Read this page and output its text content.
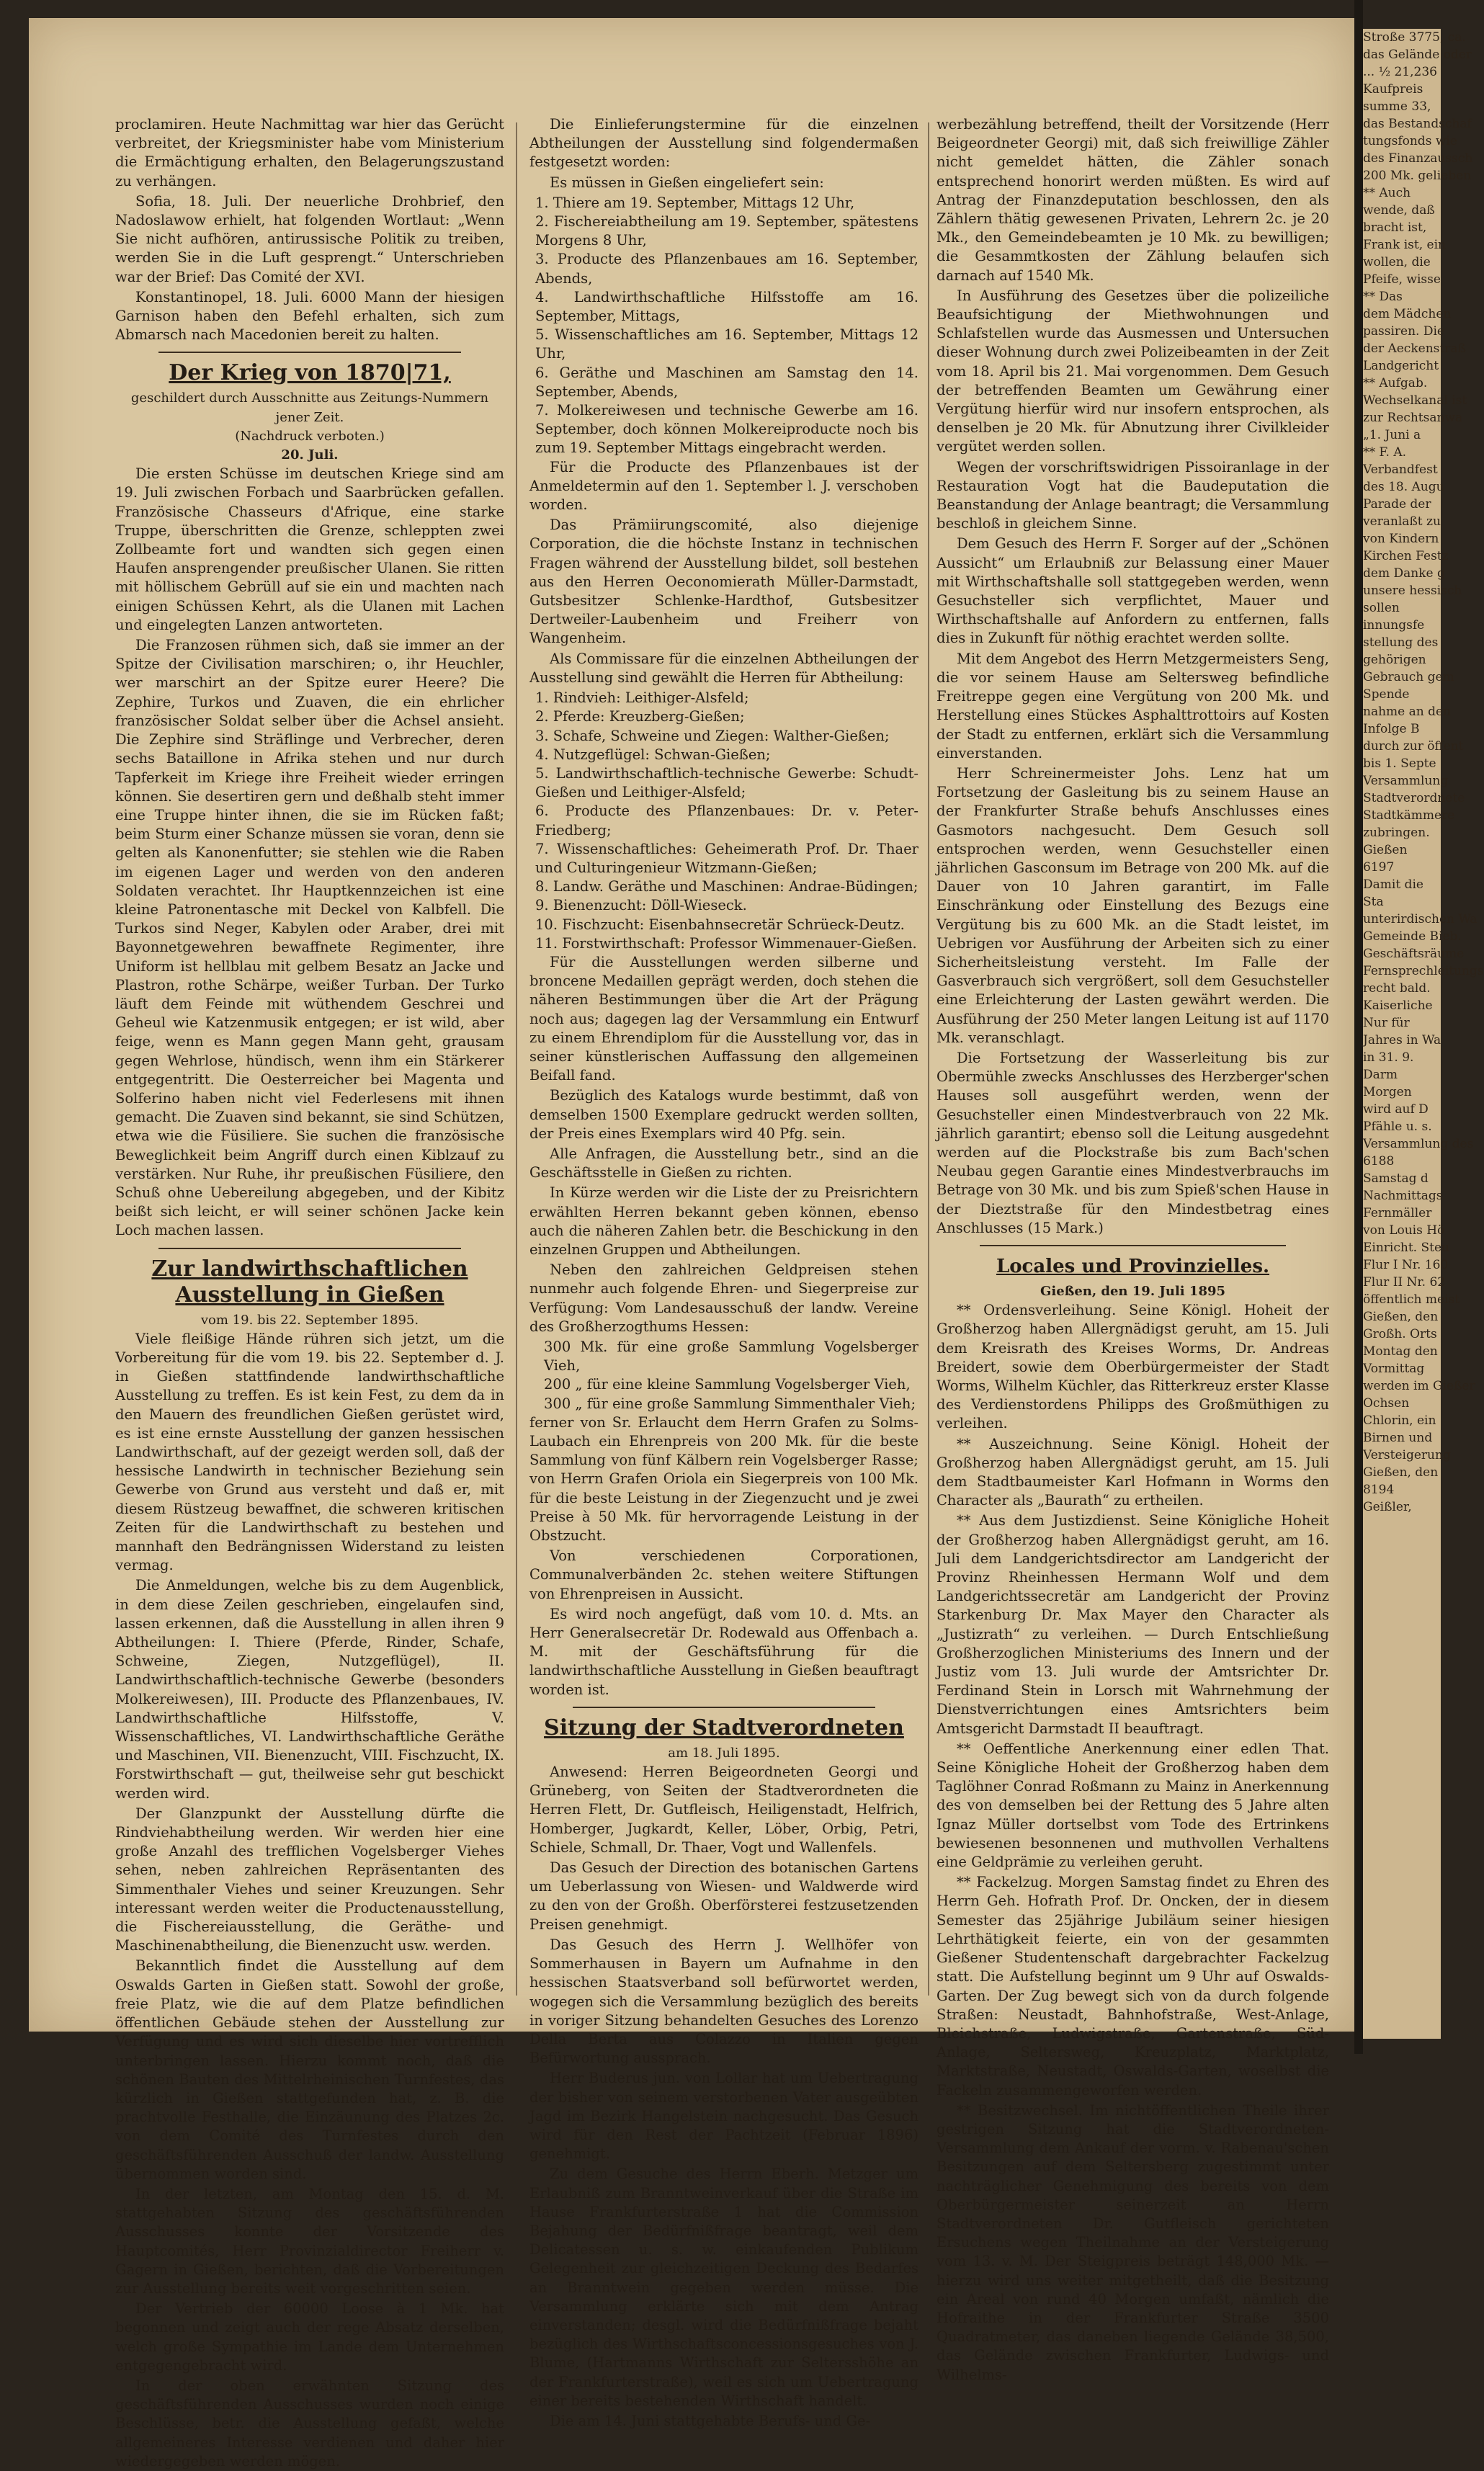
proclamiren. Heute Nachmittag war hier das Gerücht verbreitet, der Kriegsminister habe vom Ministerium die Ermächtigung erhalten, den Belagerungszustand zu verhängen.

Sofia, 18. Juli. Der neuerliche Drohbrief, den Nadoslawow erhielt, hat folgenden Wortlaut: „Wenn Sie nicht aufhören, antirussische Politik zu treiben, werden Sie in die Luft gesprengt.“ Unterschrieben war der Brief: Das Comité der XVI.

Konstantinopel, 18. Juli. 6000 Mann der hiesigen Garnison haben den Befehl erhalten, sich zum Abmarsch nach Macedonien bereit zu halten.

Der Krieg von 1870|71,

geschildert durch Ausschnitte aus Zeitungs-Nummern jener Zeit.

(Nachdruck verboten.)

20. Juli.

Die ersten Schüsse im deutschen Kriege sind am 19. Juli zwischen Forbach und Saarbrücken gefallen. Französische Chasseurs d'Afrique, eine starke Truppe, überschritten die Grenze, schleppten zwei Zollbeamte fort und wandten sich gegen einen Haufen ansprengender preußischer Ulanen. Sie ritten mit höllischem Gebrüll auf sie ein und machten nach einigen Schüssen Kehrt, als die Ulanen mit Lachen und eingelegten Lanzen antworteten.

Die Franzosen rühmen sich, daß sie immer an der Spitze der Civilisation marschiren; o, ihr Heuchler, wer marschirt an der Spitze eurer Heere? Die Zephire, Turkos und Zuaven, die ein ehrlicher französischer Soldat selber über die Achsel ansieht. Die Zephire sind Sträflinge und Verbrecher, deren sechs Bataillone in Afrika stehen und nur durch Tapferkeit im Kriege ihre Freiheit wieder erringen können. Sie desertiren gern und deßhalb steht immer eine Truppe hinter ihnen, die sie im Rücken faßt; beim Sturm einer Schanze müssen sie voran, denn sie gelten als Kanonenfutter; sie stehlen wie die Raben im eigenen Lager und werden von den anderen Soldaten verachtet. Ihr Hauptkennzeichen ist eine kleine Patronentasche mit Deckel von Kalbfell. Die Turkos sind Neger, Kabylen oder Araber, drei mit Bayonnetgewehren bewaffnete Regimenter, ihre Uniform ist hellblau mit gelbem Besatz an Jacke und Plastron, rothe Schärpe, weißer Turban. Der Turko läuft dem Feinde mit wüthendem Geschrei und Geheul wie Katzenmusik entgegen; er ist wild, aber feige, wenn es Mann gegen Mann geht, grausam gegen Wehrlose, hündisch, wenn ihm ein Stärkerer entgegentritt. Die Oesterreicher bei Magenta und Solferino haben nicht viel Federlesens mit ihnen gemacht. Die Zuaven sind bekannt, sie sind Schützen, etwa wie die Füsiliere. Sie suchen die französische Beweglichkeit beim Angriff durch einen Kiblzauf zu verstärken. Nur Ruhe, ihr preußischen Füsiliere, den Schuß ohne Uebereilung abgegeben, und der Kibitz beißt sich leicht, er will seiner schönen Jacke kein Loch machen lassen.

Zur landwirthschaftlichen Ausstellung in Gießen

vom 19. bis 22. September 1895.

Viele fleißige Hände rühren sich jetzt, um die Vorbereitung für die vom 19. bis 22. September d. J. in Gießen stattfindende landwirthschaftliche Ausstellung zu treffen. Es ist kein Fest, zu dem da in den Mauern des freundlichen Gießen gerüstet wird, es ist eine ernste Ausstellung der ganzen hessischen Landwirthschaft, auf der gezeigt werden soll, daß der hessische Landwirth in technischer Beziehung sein Gewerbe von Grund aus versteht und daß er, mit diesem Rüstzeug bewaffnet, die schweren kritischen Zeiten für die Landwirthschaft zu bestehen und mannhaft den Bedrängnissen Widerstand zu leisten vermag.

Die Anmeldungen, welche bis zu dem Augenblick, in dem diese Zeilen geschrieben, eingelaufen sind, lassen erkennen, daß die Ausstellung in allen ihren 9 Abtheilungen: I. Thiere (Pferde, Rinder, Schafe, Schweine, Ziegen, Nutzgeflügel), II. Landwirthschaftlich-technische Gewerbe (besonders Molkereiwesen), III. Producte des Pflanzenbaues, IV. Landwirthschaftliche Hilfsstoffe, V. Wissenschaftliches, VI. Landwirthschaftliche Geräthe und Maschinen, VII. Bienenzucht, VIII. Fischzucht, IX. Forstwirthschaft — gut, theilweise sehr gut beschickt werden wird.

Der Glanzpunkt der Ausstellung dürfte die Rindviehabtheilung werden. Wir werden hier eine große Anzahl des trefflichen Vogelsberger Viehes sehen, neben zahlreichen Repräsentanten des Simmenthaler Viehes und seiner Kreuzungen. Sehr interessant werden weiter die Productenausstellung, die Fischereiausstellung, die Geräthe- und Maschinenabtheilung, die Bienenzucht usw. werden.

Bekanntlich findet die Ausstellung auf dem Oswalds Garten in Gießen statt. Sowohl der große, freie Platz, wie die auf dem Platze befindlichen öffentlichen Gebäude stehen der Ausstellung zur Verfügung und es wird sich dieselbe hier vortrefflich unterbringen lassen. Hierzu kommt noch, daß die schönen Bauten des Mittelrheinischen Turnfestes, das kürzlich in Gießen stattgefunden hat, z. B. die prachtvolle Festhalle, die Einzäunung des Platzes 2c. von dem Comité des Turnfestes durch den geschäftsführenden Ausschuß der landw. Ausstellung übernommen worden sind.

In der letzten, am Montag den 15. d. M. stattgehabten Sitzung des geschäftsführenden Ausschusses konnte der Vorsitzende des Hauptcomités, Herr Provinzialdirector Freiherr v. Gagern in Gießen, berichten, daß die Vorbereitungen zur Ausstellung bereits weit vorgeschritten seien.

Der Vertrieb der 60000 Loose à 1 Mk. hat begonnen und zeigt auch der rege Absatz derselben, welch große Sympathie im Lande dem Unternehmen entgegengebracht wird.

In der oben erwähnten Sitzung des geschäftsführenden Ausschusses wurden noch einige Beschlüsse, betr. die Ausstellung gefaßt, welche allgemeineres Interesse verdienen und daher hier wiedergegeben werden mögen.

Die Einlieferungstermine für die einzelnen Abtheilungen der Ausstellung sind folgendermaßen festgesetzt worden:

Es müssen in Gießen eingeliefert sein:

1. Thiere am 19. September, Mittags 12 Uhr,
2. Fischereiabtheilung am 19. September, spätestens Morgens 8 Uhr,
3. Producte des Pflanzenbaues am 16. September, Abends,
4. Landwirthschaftliche Hilfsstoffe am 16. September, Mittags,
5. Wissenschaftliches am 16. September, Mittags 12 Uhr,
6. Geräthe und Maschinen am Samstag den 14. September, Abends,
7. Molkereiwesen und technische Gewerbe am 16. September, doch können Molkereiproducte noch bis zum 19. September Mittags eingebracht werden.

Für die Producte des Pflanzenbaues ist der Anmeldetermin auf den 1. September l. J. verschoben worden.

Das Prämiirungscomité, also diejenige Corporation, die die höchste Instanz in technischen Fragen während der Ausstellung bildet, soll bestehen aus den Herren Oeconomierath Müller-Darmstadt, Gutsbesitzer Schlenke-Hardthof, Gutsbesitzer Dertweiler-Laubenheim und Freiherr von Wangenheim.

Als Commissare für die einzelnen Abtheilungen der Ausstellung sind gewählt die Herren für Abtheilung:

1. Rindvieh: Leithiger-Alsfeld;
2. Pferde: Kreuzberg-Gießen;
3. Schafe, Schweine und Ziegen: Walther-Gießen;
4. Nutzgeflügel: Schwan-Gießen;
5. Landwirthschaftlich-technische Gewerbe: Schudt-Gießen und Leithiger-Alsfeld;
6. Producte des Pflanzenbaues: Dr. v. Peter-Friedberg;
7. Wissenschaftliches: Geheimerath Prof. Dr. Thaer und Culturingenieur Witzmann-Gießen;
8. Landw. Geräthe und Maschinen: Andrae-Büdingen;
9. Bienenzucht: Döll-Wieseck.
10. Fischzucht: Eisenbahnsecretär Schrüeck-Deutz.
11. Forstwirthschaft: Professor Wimmenauer-Gießen.

Für die Ausstellungen werden silberne und broncene Medaillen geprägt werden, doch stehen die näheren Bestimmungen über die Art der Prägung noch aus; dagegen lag der Versammlung ein Entwurf zu einem Ehrendiplom für die Ausstellung vor, das in seiner künstlerischen Auffassung den allgemeinen Beifall fand.

Bezüglich des Katalogs wurde bestimmt, daß von demselben 1500 Exemplare gedruckt werden sollten, der Preis eines Exemplars wird 40 Pfg. sein.

Alle Anfragen, die Ausstellung betr., sind an die Geschäftsstelle in Gießen zu richten.

In Kürze werden wir die Liste der zu Preisrichtern erwählten Herren bekannt geben können, ebenso auch die näheren Zahlen betr. die Beschickung in den einzelnen Gruppen und Abtheilungen.

Neben den zahlreichen Geldpreisen stehen nunmehr auch folgende Ehren- und Siegerpreise zur Verfügung: Vom Landesausschuß der landw. Vereine des Großherzogthums Hessen:

300 Mk. für eine große Sammlung Vogelsberger Vieh,
200 „ für eine kleine Sammlung Vogelsberger Vieh,
300 „ für eine große Sammlung Simmenthaler Vieh;

ferner von Sr. Erlaucht dem Herrn Grafen zu Solms-Laubach ein Ehrenpreis von 200 Mk. für die beste Sammlung von fünf Kälbern rein Vogelsberger Rasse; von Herrn Grafen Oriola ein Siegerpreis von 100 Mk. für die beste Leistung in der Ziegenzucht und je zwei Preise à 50 Mk. für hervorragende Leistung in der Obstzucht.

Von verschiedenen Corporationen, Communalverbänden 2c. stehen weitere Stiftungen von Ehrenpreisen in Aussicht.

Es wird noch angefügt, daß vom 10. d. Mts. an Herr Generalsecretär Dr. Rodewald aus Offenbach a. M. mit der Geschäftsführung für die landwirthschaftliche Ausstellung in Gießen beauftragt worden ist.

Sitzung der Stadtverordneten

am 18. Juli 1895.

Anwesend: Herren Beigeordneten Georgi und Grüneberg, von Seiten der Stadtverordneten die Herren Flett, Dr. Gutfleisch, Heiligenstadt, Helfrich, Homberger, Jugkardt, Keller, Löber, Orbig, Petri, Schiele, Schmall, Dr. Thaer, Vogt und Wallenfels.

Das Gesuch der Direction des botanischen Gartens um Ueberlassung von Wiesen- und Waldwerde wird zu den von der Großh. Oberförsterei festzusetzenden Preisen genehmigt.

Das Gesuch des Herrn J. Wellhöfer von Sommerhausen in Bayern um Aufnahme in den hessischen Staatsverband soll befürwortet werden, wogegen sich die Versammlung bezüglich des bereits in voriger Sitzung behandelten Gesuches des Lorenzo Della Berta aus Colazzo in Italien gegen Befürwortung aussprach.

Herr Buderus jun. von Lollar hat um Uebertragung der bisher von seinem verstorbenen Vater ausgeübten Jagd im Bezirk Hangelstein nachgesucht. Das Gesuch wird für den Rest der Pachtzeit (Februar 1896) genehmigt.

Zu dem Gesuche des Herrn Eberh. Metzger um Erlaubniß zum Branntweinverkauf über die Straße im Hause Frankfurterstraße 1 hat die Commission Bejahung der Bedürfnißfrage beantragt, weil dem Delicatessen u. s. w. einkaufenden Publikum Gelegenheit zur gleichzeitigen Deckung des Bedarfes an Branntwein gegeben werden müsse. Die Versammlung erklärte sich mit dem Antrag einverstanden; desgl. wird die Bedürfnißfrage bejaht bezüglich des Wirthschaftsconcessionsgesuches von J. Blume, (Hartmanns Wirthschaft zur Seltersshöhe an der Frankfurterstraße), weil es sich um Uebertragung einer bereits bestehenden Wirthschaft handelt.

Die am 14. Juni stattgehabte Berufs- und Ge-

werbezählung betreffend, theilt der Vorsitzende (Herr Beigeordneter Georgi) mit, daß sich freiwillige Zähler nicht gemeldet hätten, die Zähler sonach entsprechend honorirt werden müßten. Es wird auf Antrag der Finanzdeputation beschlossen, den als Zählern thätig gewesenen Privaten, Lehrern 2c. je 20 Mk., den Gemeindebeamten je 10 Mk. zu bewilligen; die Gesammtkosten der Zählung belaufen sich darnach auf 1540 Mk.

In Ausführung des Gesetzes über die polizeiliche Beaufsichtigung der Miethwohnungen und Schlafstellen wurde das Ausmessen und Untersuchen dieser Wohnung durch zwei Polizeibeamten in der Zeit vom 18. April bis 21. Mai vorgenommen. Dem Gesuch der betreffenden Beamten um Gewährung einer Vergütung hierfür wird nur insofern entsprochen, als denselben je 20 Mk. für Abnutzung ihrer Civilkleider vergütet werden sollen.

Wegen der vorschriftswidrigen Pissoiranlage in der Restauration Vogt hat die Baudeputation die Beanstandung der Anlage beantragt; die Versammlung beschloß in gleichem Sinne.

Dem Gesuch des Herrn F. Sorger auf der „Schönen Aussicht“ um Erlaubniß zur Belassung einer Mauer mit Wirthschaftshalle soll stattgegeben werden, wenn Gesuchsteller sich verpflichtet, Mauer und Wirthschaftshalle auf Anfordern zu entfernen, falls dies in Zukunft für nöthig erachtet werden sollte.

Mit dem Angebot des Herrn Metzgermeisters Seng, die vor seinem Hause am Seltersweg befindliche Freitreppe gegen eine Vergütung von 200 Mk. und Herstellung eines Stückes Asphalttrottoirs auf Kosten der Stadt zu entfernen, erklärt sich die Versammlung einverstanden.

Herr Schreinermeister Johs. Lenz hat um Fortsetzung der Gasleitung bis zu seinem Hause an der Frankfurter Straße behufs Anschlusses eines Gasmotors nachgesucht. Dem Gesuch soll entsprochen werden, wenn Gesuchsteller einen jährlichen Gasconsum im Betrage von 200 Mk. auf die Dauer von 10 Jahren garantirt, im Falle Einschränkung oder Einstellung des Bezugs eine Vergütung bis zu 600 Mk. an die Stadt leistet, im Uebrigen vor Ausführung der Arbeiten sich zu einer Sicherheitsleistung versteht. Im Falle der Gasverbrauch sich vergrößert, soll dem Gesuchsteller eine Erleichterung der Lasten gewährt werden. Die Ausführung der 250 Meter langen Leitung ist auf 1170 Mk. veranschlagt.

Die Fortsetzung der Wasserleitung bis zur Obermühle zwecks Anschlusses des Herzberger'schen Hauses soll ausgeführt werden, wenn der Gesuchsteller einen Mindestverbrauch von 22 Mk. jährlich garantirt; ebenso soll die Leitung ausgedehnt werden auf die Plockstraße bis zum Bach'schen Neubau gegen Garantie eines Mindestverbrauchs im Betrage von 30 Mk. und bis zum Spieß'schen Hause in der Dieztstraße für den Mindestbetrag eines Anschlusses (15 Mark.)

Locales und Provinzielles.

Gießen, den 19. Juli 1895

** Ordensverleihung. Seine Königl. Hoheit der Großherzog haben Allergnädigst geruht, am 15. Juli dem Kreisrath des Kreises Worms, Dr. Andreas Breidert, sowie dem Oberbürgermeister der Stadt Worms, Wilhelm Küchler, das Ritterkreuz erster Klasse des Verdienstordens Philipps des Großmüthigen zu verleihen.

** Auszeichnung. Seine Königl. Hoheit der Großherzog haben Allergnädigst geruht, am 15. Juli dem Stadtbaumeister Karl Hofmann in Worms den Character als „Baurath“ zu ertheilen.

** Aus dem Justizdienst. Seine Königliche Hoheit der Großherzog haben Allergnädigst geruht, am 16. Juli dem Landgerichtsdirector am Landgericht der Provinz Rheinhessen Hermann Wolf und dem Landgerichtssecretär am Landgericht der Provinz Starkenburg Dr. Max Mayer den Character als „Justizrath“ zu verleihen. — Durch Entschließung Großherzoglichen Ministeriums des Innern und der Justiz vom 13. Juli wurde der Amtsrichter Dr. Ferdinand Stein in Lorsch mit Wahrnehmung der Dienstverrichtungen eines Amtsrichters beim Amtsgericht Darmstadt II beauftragt.

** Oeffentliche Anerkennung einer edlen That. Seine Königliche Hoheit der Großherzog haben dem Taglöhner Conrad Roßmann zu Mainz in Anerkennung des von demselben bei der Rettung des 5 Jahre alten Ignaz Müller dortselbst vom Tode des Ertrinkens bewiesenen besonnenen und muthvollen Verhaltens eine Geldprämie zu verleihen geruht.

** Fackelzug. Morgen Samstag findet zu Ehren des Herrn Geh. Hofrath Prof. Dr. Oncken, der in diesem Semester das 25jährige Jubiläum seiner hiesigen Lehrthätigkeit feierte, ein von der gesammten Gießener Studentenschaft dargebrachter Fackelzug statt. Die Aufstellung beginnt um 9 Uhr auf Oswalds-Garten. Der Zug bewegt sich von da durch folgende Straßen: Neustadt, Bahnhofstraße, West-Anlage, Bleichstraße, Ludwigstraße, Gartenstraße, Süd-Anlage, Seltersweg, Kreuzplatz, Marktplatz, Marktstraße, Neustadt, Oswalds-Garten, woselbst die Fackeln zusammengeworfen werden.

** Besitzwechsel. Im nichtöffentlichen Theile ihrer gestrigen Sitzung hat die Stadtverordneten-Versammlung dem Ankauf der vorm. v. Rabenau'schen Besitzungen auf dem Seltersberg zugestimmt unter nachträglicher Genehmigung des bereits von dem Oberbürgermeister seinerzeit an Herrn Stadtverordneten Dr. Gutfleisch gerichteten Ersuchens wegen Theilnahme an der Versteigerung vom 13. v. M. Der Steigpreis beträgt 148,000 Mk. — hierzu wird uns weiter mitgetheilt, daß die Besitzung ein Areal von rund 40 Morgen umfaßt, nämlich die Hofraithe in der Frankfurter Straße 3500 Quadratmeter, das daneben liegende Gelände 38,500, das Gelände zwischen Frankfurter, Ludwigs- und Wilhelms-

Stroße 3775, ca.
das Gelände oder
... ½ 21,236
Kaufpreis
summe 33,
das Bestandschaf
tungsfonds wie
des Finanzaussch
200 Mk. gelieben
** Auch
wende, daß
bracht ist,
Frank ist, ein
wollen, die
Pfeife, wisse
** Das
dem Mädchen
passiren. Die
der Aeckenstraß
Landgericht
** Aufgab.
Wechselkanal ist
zur Rechtsanwa
„1. Juni a
** F. A.
Verbandfest
des 18. Augu
Parade der
veranlaßt zu
von Kindern
Kirchen Festz
dem Danke g
unsere hessisch
sollen
innungsfe
stellung des
gehörigen
Gebrauch gem
Spende
nahme an den
Infolge B
durch zur öffent
bis 1. Septe
Versammlung
Stadtverordnete
Stadtkämmere
zubringen.
Gießen
6197
Damit die
Sta
unterirdischen Wa
Gemeinde Bieb.
Geschäftsräume
Fernsprechleitungs
recht bald.
Kaiserliche
Nur für
Jahres in Wa
in 31. 9.
Darm
Morgen
wird auf D
Pfähle u. s.
Versammlung des
6188
Samstag d
Nachmittags
Fernmäller
von Louis Hö
Einricht. Steu
Flur I Nr. 160
Flur II Nr. 62
öffentlich meist
Gießen, den
Großh. Orts
Montag den
Vormittag
werden im Gießer
Ochsen
Chlorin, ein
Birnen und
Versteigerung
Gießen, den
8194
Geißler,
